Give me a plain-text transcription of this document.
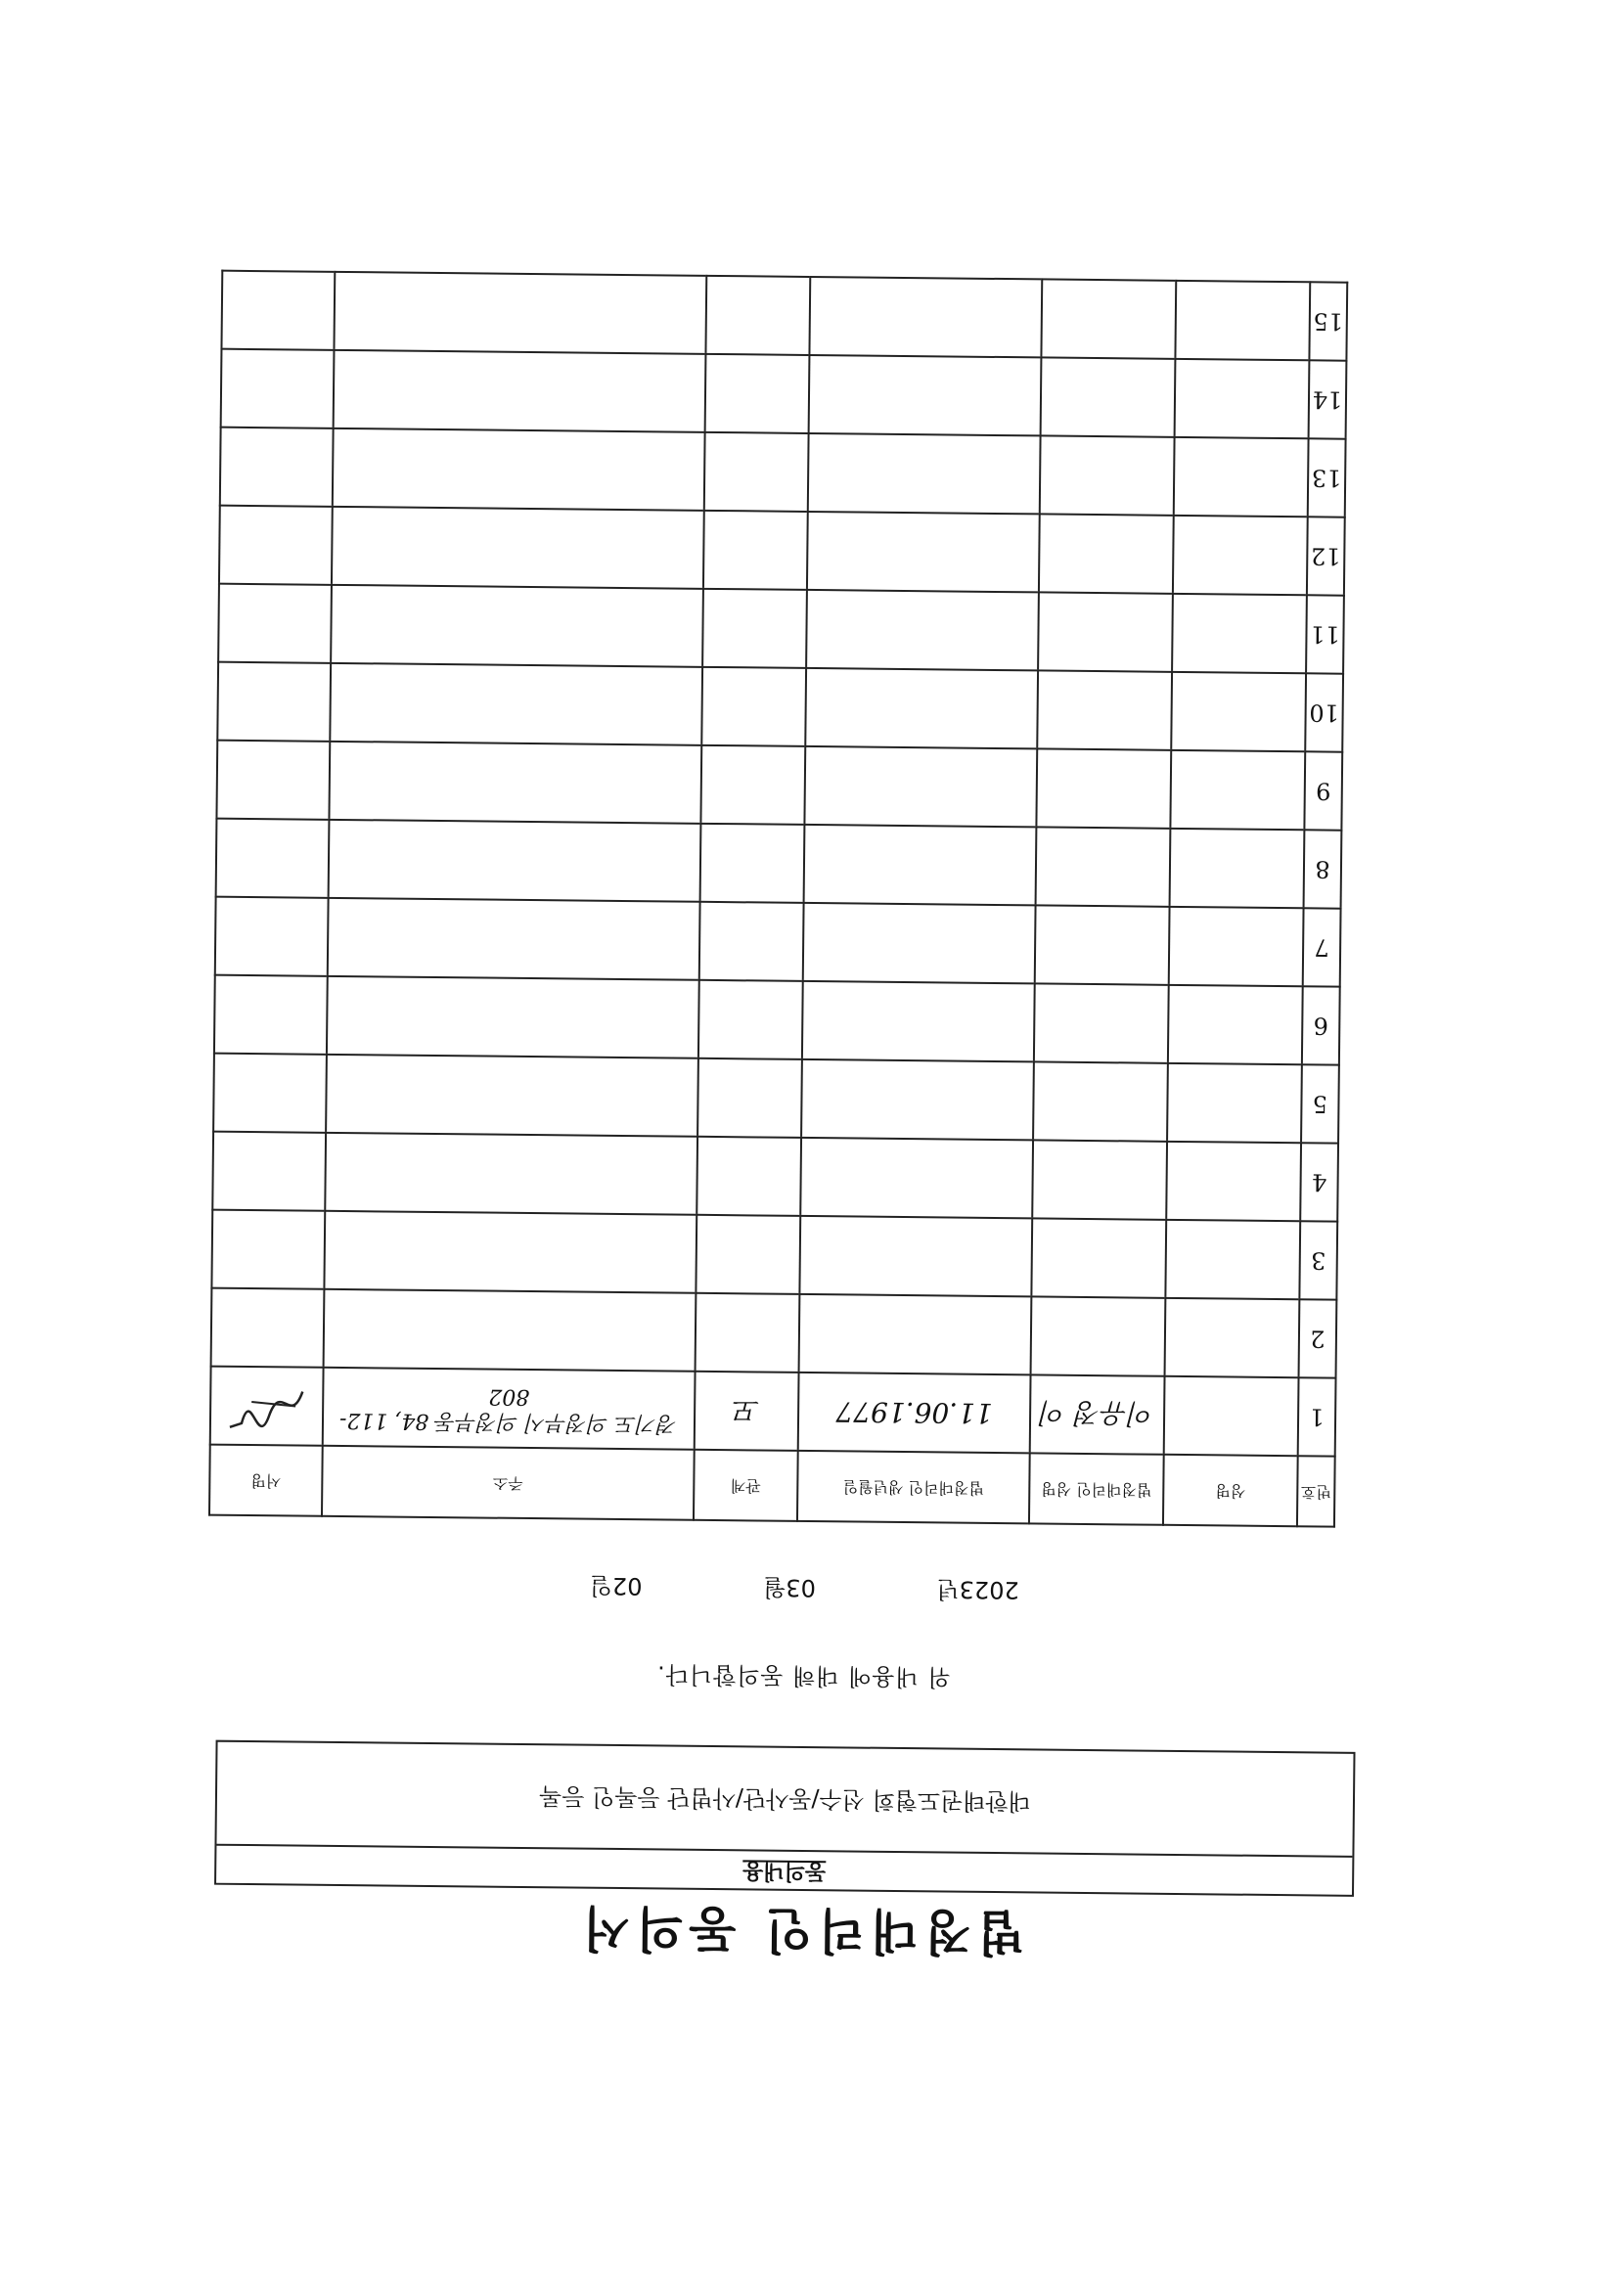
법정대리인 동의서
동의내용
대한태권도협회 선수/동사단/사범단 등록인 등록
위 내용에 대해 동의합니다.
2023년 03월 02일
번호	성명	법정대리인 성명	법정대리인 생년월일	관계	주소	서명
1		이유정 이	11.06.1977	모	경기도 의정부시 의정부동 84, 112-802	

2						
3						
4						
5						
6						
7						
8						
9						
10						
11						
12						
13						
14						
15						
